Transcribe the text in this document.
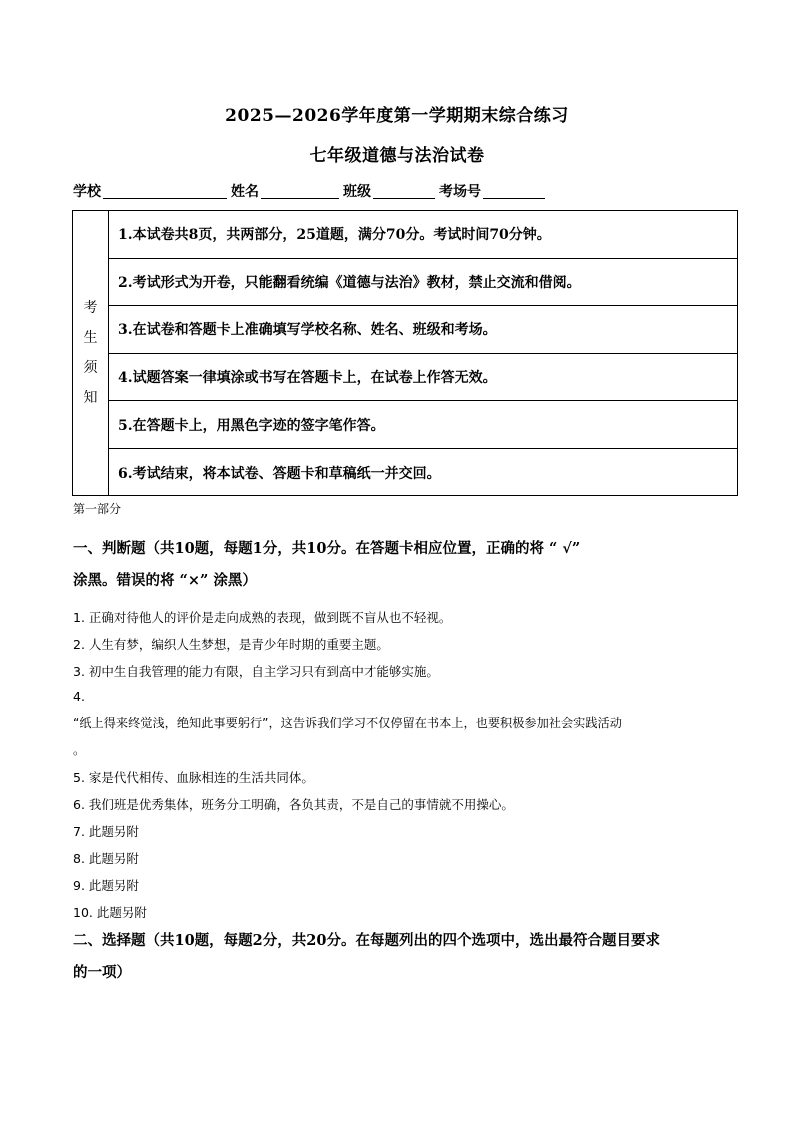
2025—2026学年度第一学期期末综合练习
七年级道德与法治试卷
学校	姓名	班级	考场号
考
生
须
知
1.本试卷共8页，共两部分，25道题，满分70分。考试时间70分钟。
2.考试形式为开卷，只能翻看统编《道德与法治》教材，禁止交流和借阅。
3.在试卷和答题卡上准确填写学校名称、姓名、班级和考场。
4.试题答案一律填涂或书写在答题卡上，在试卷上作答无效。
5.在答题卡上，用黑色字迹的签字笔作答。
6.考试结束，将本试卷、答题卡和草稿纸一并交回。
第一部分
一、判断题（共10题，每题1分，共10分。在答题卡相应位置，正确的将 “ √”
涂黑。错误的将 “×” 涂黑）
1. 正确对待他人的评价是走向成熟的表现，做到既不盲从也不轻视。
2. 人生有梦，编织人生梦想，是青少年时期的重要主题。
3. 初中生自我管理的能力有限，自主学习只有到高中才能够实施。
4.
“纸上得来终觉浅，绝知此事要躬行”，这告诉我们学习不仅停留在书本上，也要积极参加社会实践活动
。
5. 家是代代相传、血脉相连的生活共同体。
6. 我们班是优秀集体，班务分工明确，各负其责，不是自己的事情就不用操心。
7. 此题另附
8. 此题另附
9. 此题另附
10. 此题另附
二、选择题（共10题，每题2分，共20分。在每题列出的四个选项中，选出最符合题目要求
的一项）
